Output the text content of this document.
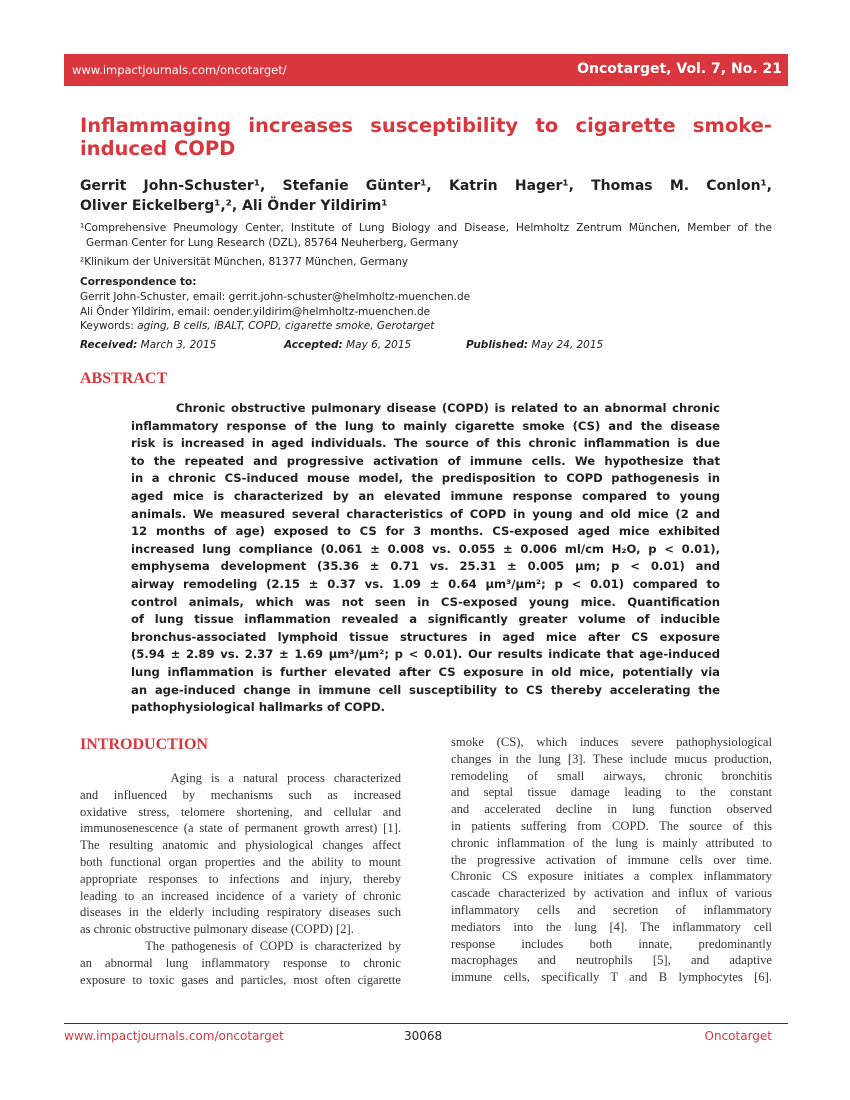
www.impactjournals.com/oncotarget/	Oncotarget, Vol. 7, No. 21
Inflammaging increases susceptibility to cigarette smoke-
induced COPD
Gerrit John-Schuster¹, Stefanie Günter¹, Katrin Hager¹, Thomas M. Conlon¹,
Oliver Eickelberg¹,², Ali Önder Yildirim¹
¹Comprehensive Pneumology Center, Institute of Lung Biology and Disease, Helmholtz Zentrum München, Member of the
German Center for Lung Research (DZL), 85764 Neuherberg, Germany
²Klinikum der Universität München, 81377 München, Germany
Correspondence to:
Gerrit John-Schuster, email: gerrit.john-schuster@helmholtz-muenchen.de
Ali Önder Yildirim, email: oender.yildirim@helmholtz-muenchen.de
Keywords: aging, B cells, iBALT, COPD, cigarette smoke, Gerotarget
Received: March 3, 2015	Accepted: May 6, 2015	Published: May 24, 2015
ABSTRACT
Chronic obstructive pulmonary disease (COPD) is related to an abnormal chronic
inflammatory response of the lung to mainly cigarette smoke (CS) and the disease
risk is increased in aged individuals. The source of this chronic inflammation is due
to the repeated and progressive activation of immune cells. We hypothesize that
in a chronic CS-induced mouse model, the predisposition to COPD pathogenesis in
aged mice is characterized by an elevated immune response compared to young
animals. We measured several characteristics of COPD in young and old mice (2 and
12 months of age) exposed to CS for 3 months. CS-exposed aged mice exhibited
increased lung compliance (0.061 ± 0.008 vs. 0.055 ± 0.006 ml/cm H₂O, p < 0.01),
emphysema development (35.36 ± 0.71 vs. 25.31 ± 0.005 µm; p < 0.01) and
airway remodeling (2.15 ± 0.37 vs. 1.09 ± 0.64 µm³/µm²; p < 0.01) compared to
control animals, which was not seen in CS-exposed young mice. Quantification
of lung tissue inflammation revealed a significantly greater volume of inducible
bronchus-associated lymphoid tissue structures in aged mice after CS exposure
(5.94 ± 2.89 vs. 2.37 ± 1.69 µm³/µm²; p < 0.01). Our results indicate that age-induced
lung inflammation is further elevated after CS exposure in old mice, potentially via
an age-induced change in immune cell susceptibility to CS thereby accelerating the
pathophysiological hallmarks of COPD.
INTRODUCTION
Aging is a natural process characterized
and influenced by mechanisms such as increased
oxidative stress, telomere shortening, and cellular and
immunosenescence (a state of permanent growth arrest) [1].
The resulting anatomic and physiological changes affect
both functional organ properties and the ability to mount
appropriate responses to infections and injury, thereby
leading to an increased incidence of a variety of chronic
diseases in the elderly including respiratory diseases such
as chronic obstructive pulmonary disease (COPD) [2].
The pathogenesis of COPD is characterized by
an abnormal lung inflammatory response to chronic
exposure to toxic gases and particles, most often cigarette
smoke (CS), which induces severe pathophysiological
changes in the lung [3]. These include mucus production,
remodeling of small airways, chronic bronchitis
and septal tissue damage leading to the constant
and accelerated decline in lung function observed
in patients suffering from COPD. The source of this
chronic inflammation of the lung is mainly attributed to
the progressive activation of immune cells over time.
Chronic CS exposure initiates a complex inflammatory
cascade characterized by activation and influx of various
inflammatory cells and secretion of inflammatory
mediators into the lung [4]. The inflammatory cell
response includes both innate, predominantly
macrophages and neutrophils [5], and adaptive
immune cells, specifically T and B lymphocytes [6].
www.impactjournals.com/oncotarget	30068	Oncotarget
